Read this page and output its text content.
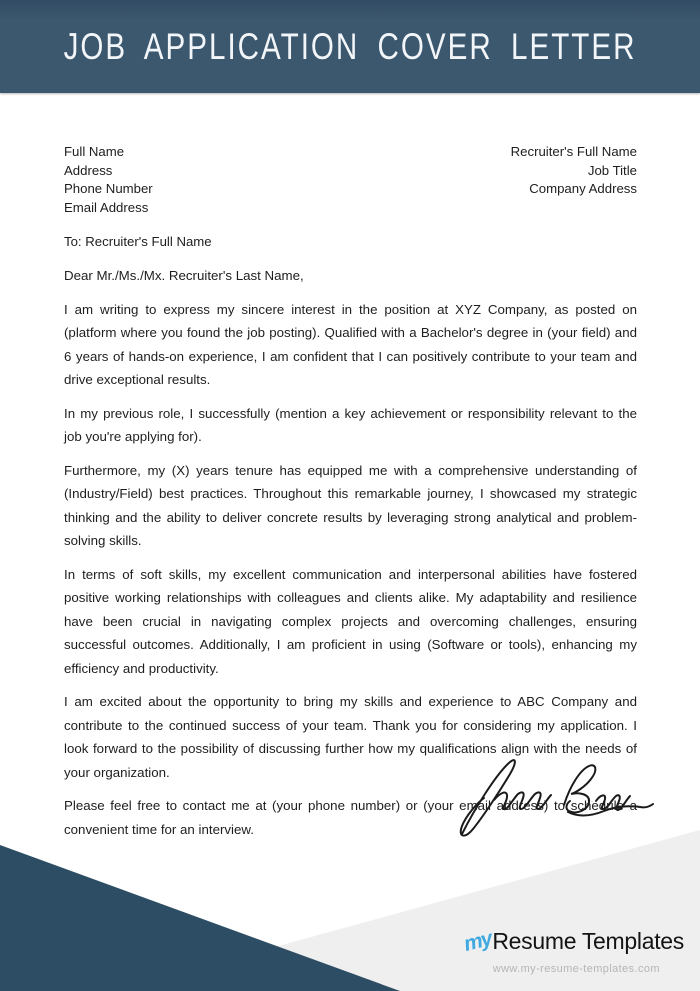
JOB APPLICATION COVER LETTER
Full Name
Address
Phone Number
Email Address
Recruiter's Full Name
Job Title
Company Address
To: Recruiter's Full Name
Dear Mr./Ms./Mx. Recruiter's Last Name,

I am writing to express my sincere interest in the position at XYZ Company, as posted on (platform where you found the job posting). Qualified with a Bachelor's degree in (your field) and 6 years of hands-on experience, I am confident that I can positively contribute to your team and drive exceptional results.

In my previous role, I successfully (mention a key achievement or responsibility relevant to the job you're applying for).

Furthermore, my (X) years tenure has equipped me with a comprehensive understanding of (Industry/Field) best practices. Throughout this remarkable journey, I showcased my strategic thinking and the ability to deliver concrete results by leveraging strong analytical and problem-solving skills.

In terms of soft skills, my excellent communication and interpersonal abilities have fostered positive working relationships with colleagues and clients alike. My adaptability and resilience have been crucial in navigating complex projects and overcoming challenges, ensuring successful outcomes. Additionally, I am proficient in using (Software or tools), enhancing my efficiency and productivity.

I am excited about the opportunity to bring my skills and experience to ABC Company and contribute to the continued success of your team. Thank you for considering my application. I look forward to the possibility of discussing further how my qualifications align with the needs of your organization.

Please feel free to contact me at (your phone number) or (your email address) to schedule a convenient time for an interview.

my
Resume Templates
www.my-resume-templates.com
